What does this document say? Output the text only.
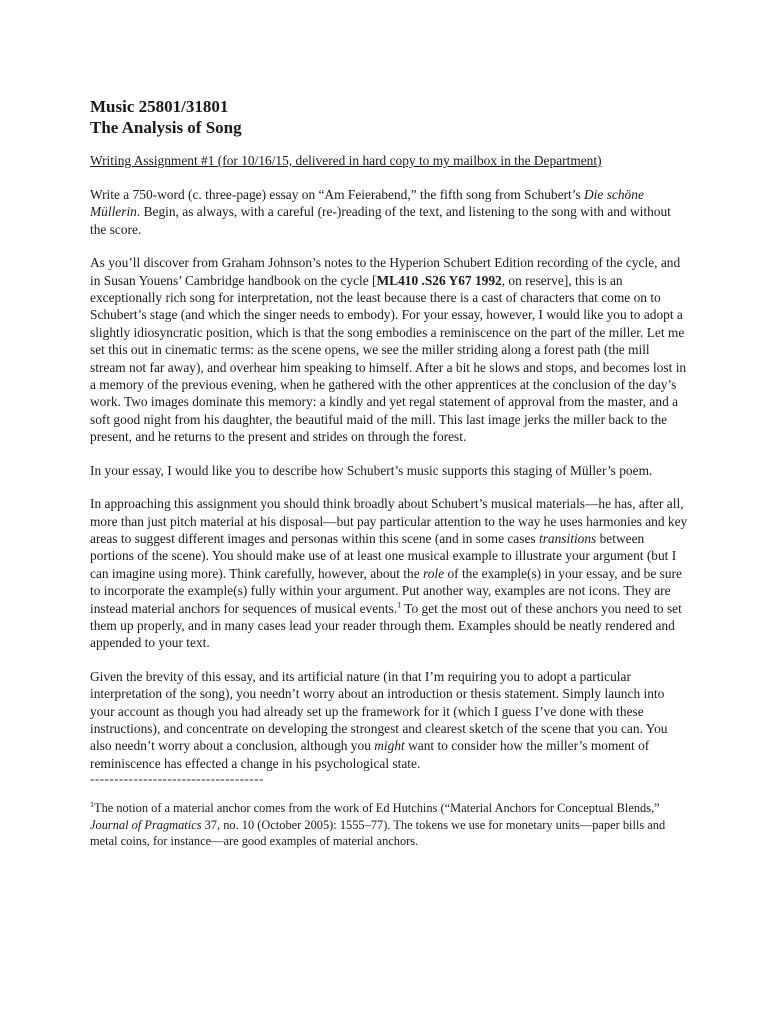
Music 25801/31801

The Analysis of Song

Writing Assignment #1 (for 10/16/15, delivered in hard copy to my mailbox in the Department)

Write a 750-word (c. three-page) essay on “Am Feierabend,” the fifth song from Schubert’s Die schöne Müllerin. Begin, as always, with a careful (re-)reading of the text, and listening to the song with and without the score.

As you’ll discover from Graham Johnson’s notes to the Hyperion Schubert Edition recording of the cycle, and in Susan Youens’ Cambridge handbook on the cycle [ML410 .S26 Y67 1992, on reserve], this is an exceptionally rich song for interpretation, not the least because there is a cast of characters that come on to Schubert’s stage (and which the singer needs to embody). For your essay, however, I would like you to adopt a slightly idiosyncratic position, which is that the song embodies a reminiscence on the part of the miller. Let me set this out in cinematic terms: as the scene opens, we see the miller striding along a forest path (the mill stream not far away), and overhear him speaking to himself. After a bit he slows and stops, and becomes lost in a memory of the previous evening, when he gathered with the other apprentices at the conclusion of the day’s work. Two images dominate this memory: a kindly and yet regal statement of approval from the master, and a soft good night from his daughter, the beautiful maid of the mill. This last image jerks the miller back to the present, and he returns to the present and strides on through the forest.

In your essay, I would like you to describe how Schubert’s music supports this staging of Müller’s poem.

In approaching this assignment you should think broadly about Schubert’s musical materials—he has, after all, more than just pitch material at his disposal—but pay particular attention to the way he uses harmonies and key areas to suggest different images and personas within this scene (and in some cases transitions between portions of the scene). You should make use of at least one musical example to illustrate your argument (but I can imagine using more). Think carefully, however, about the role of the example(s) in your essay, and be sure to incorporate the example(s) fully within your argument. Put another way, examples are not icons. They are instead material anchors for sequences of musical events.$^1$ To get the most out of these anchors you need to set them up properly, and in many cases lead your reader through them. Examples should be neatly rendered and appended to your text.

Given the brevity of this essay, and its artificial nature (in that I’m requiring you to adopt a particular interpretation of the song), you needn’t worry about an introduction or thesis statement. Simply launch into your account as though you had already set up the framework for it (which I guess I’ve done with these instructions), and concentrate on developing the strongest and clearest sketch of the scene that you can. You also needn’t worry about a conclusion, although you might want to consider how the miller’s moment of reminiscence has effected a change in his psychological state.

------------------------------------

$^1$The notion of a material anchor comes from the work of Ed Hutchins (“Material Anchors for Conceptual Blends,” Journal of Pragmatics 37, no. 10 (October 2005): 1555–77). The tokens we use for monetary units—paper bills and metal coins, for instance—are good examples of material anchors.
